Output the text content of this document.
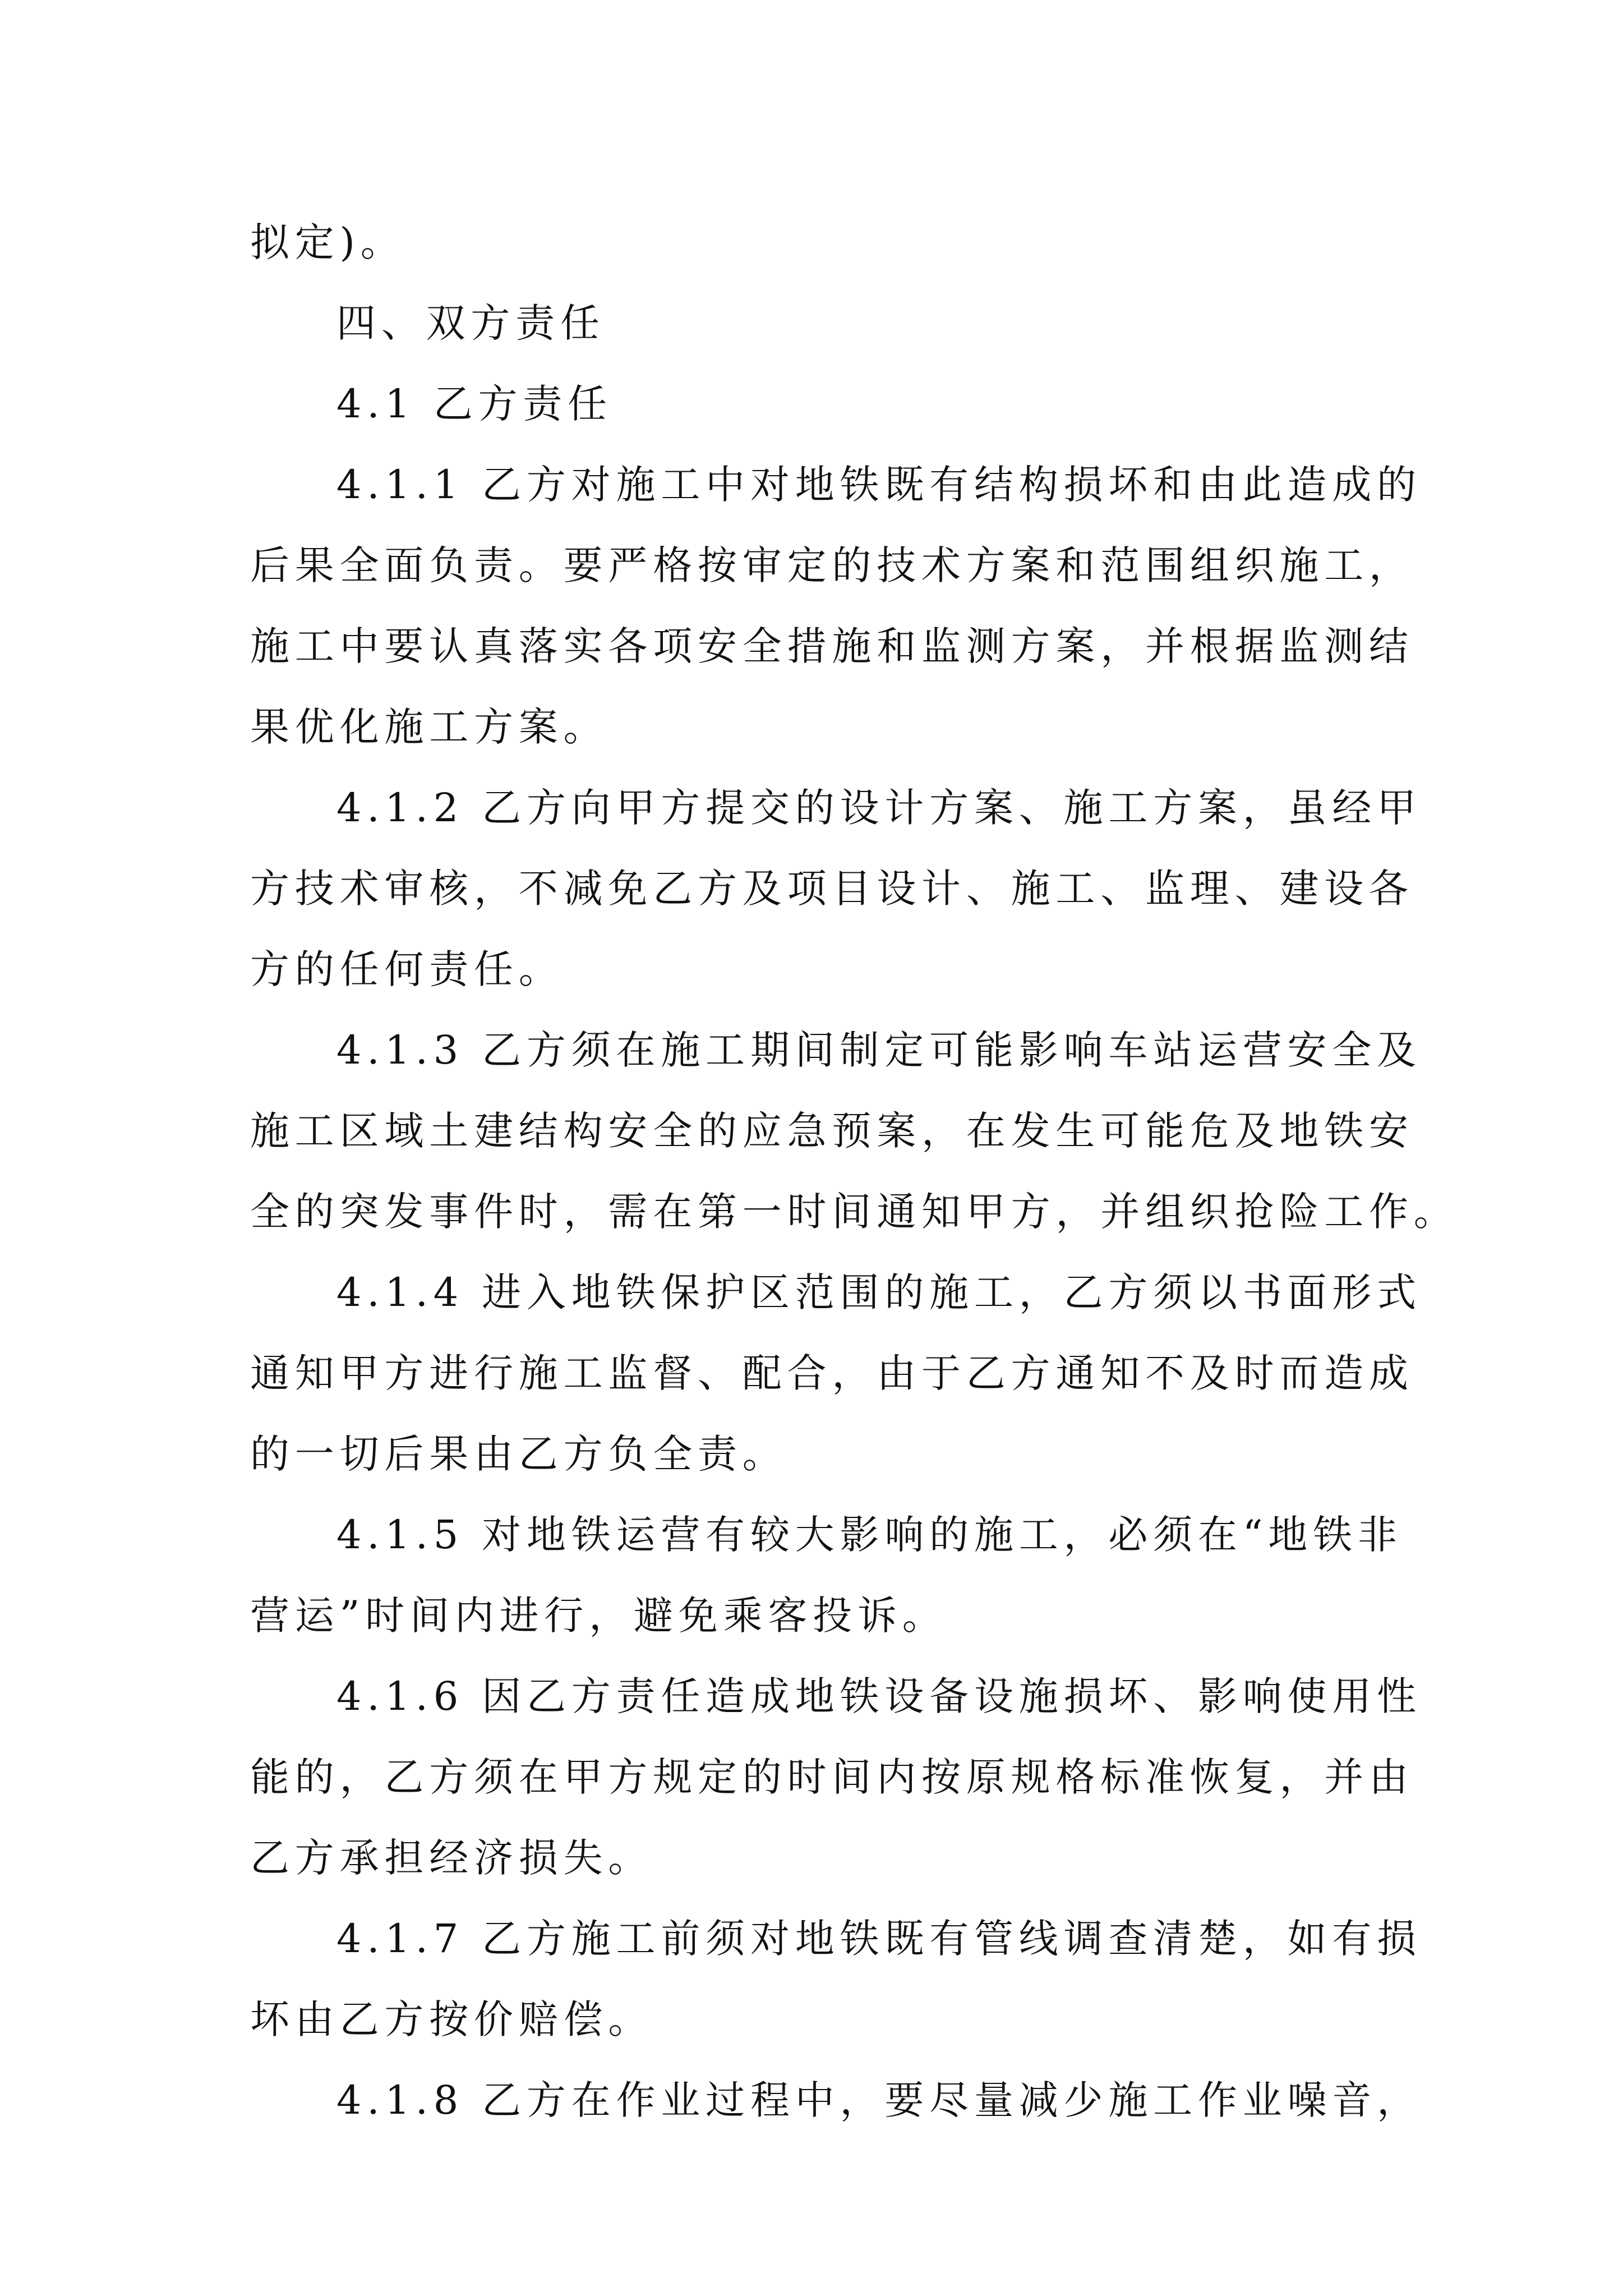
拟定)。
四、双方责任
4.1 乙方责任
4.1.1 乙方对施工中对地铁既有结构损坏和由此造成的
后果全面负责。要严格按审定的技术方案和范围组织施工，
施工中要认真落实各项安全措施和监测方案，并根据监测结
果优化施工方案。
4.1.2 乙方向甲方提交的设计方案、施工方案，虽经甲
方技术审核，不减免乙方及项目设计、施工、监理、建设各
方的任何责任。
4.1.3 乙方须在施工期间制定可能影响车站运营安全及
施工区域土建结构安全的应急预案，在发生可能危及地铁安
全的突发事件时，需在第一时间通知甲方，并组织抢险工作。
4.1.4 进入地铁保护区范围的施工，乙方须以书面形式
通知甲方进行施工监督、配合，由于乙方通知不及时而造成
的一切后果由乙方负全责。
4.1.5 对地铁运营有较大影响的施工，必须在“地铁非
营运”时间内进行，避免乘客投诉。
4.1.6 因乙方责任造成地铁设备设施损坏、影响使用性
能的，乙方须在甲方规定的时间内按原规格标准恢复，并由
乙方承担经济损失。
4.1.7 乙方施工前须对地铁既有管线调查清楚，如有损
坏由乙方按价赔偿。
4.1.8 乙方在作业过程中，要尽量减少施工作业噪音，
